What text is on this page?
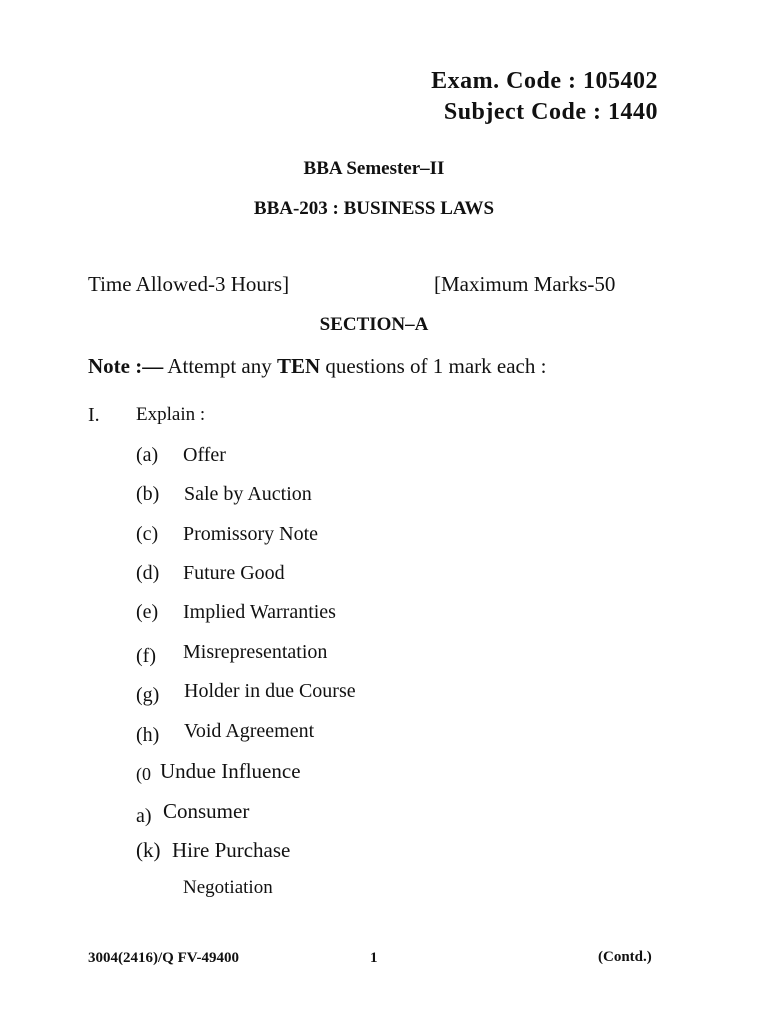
Exam. Code : 105402
Subject Code : 1440
BBA Semester–II
BBA-203 : BUSINESS LAWS
Time Allowed-3 Hours]	[Maximum Marks-50
SECTION–A
Note :— Attempt any TEN questions of 1 mark each :
I. Explain :
(a) Offer
(b) Sale by Auction
(c) Promissory Note
(d) Future Good
(e) Implied Warranties
(f) Misrepresentation
(g) Holder in due Course
(h) Void Agreement
(0 Undue Influence
a) Consumer
(k) Hire Purchase
Negotiation
3004(2416)/Q FV-49400	1	(Contd.)
